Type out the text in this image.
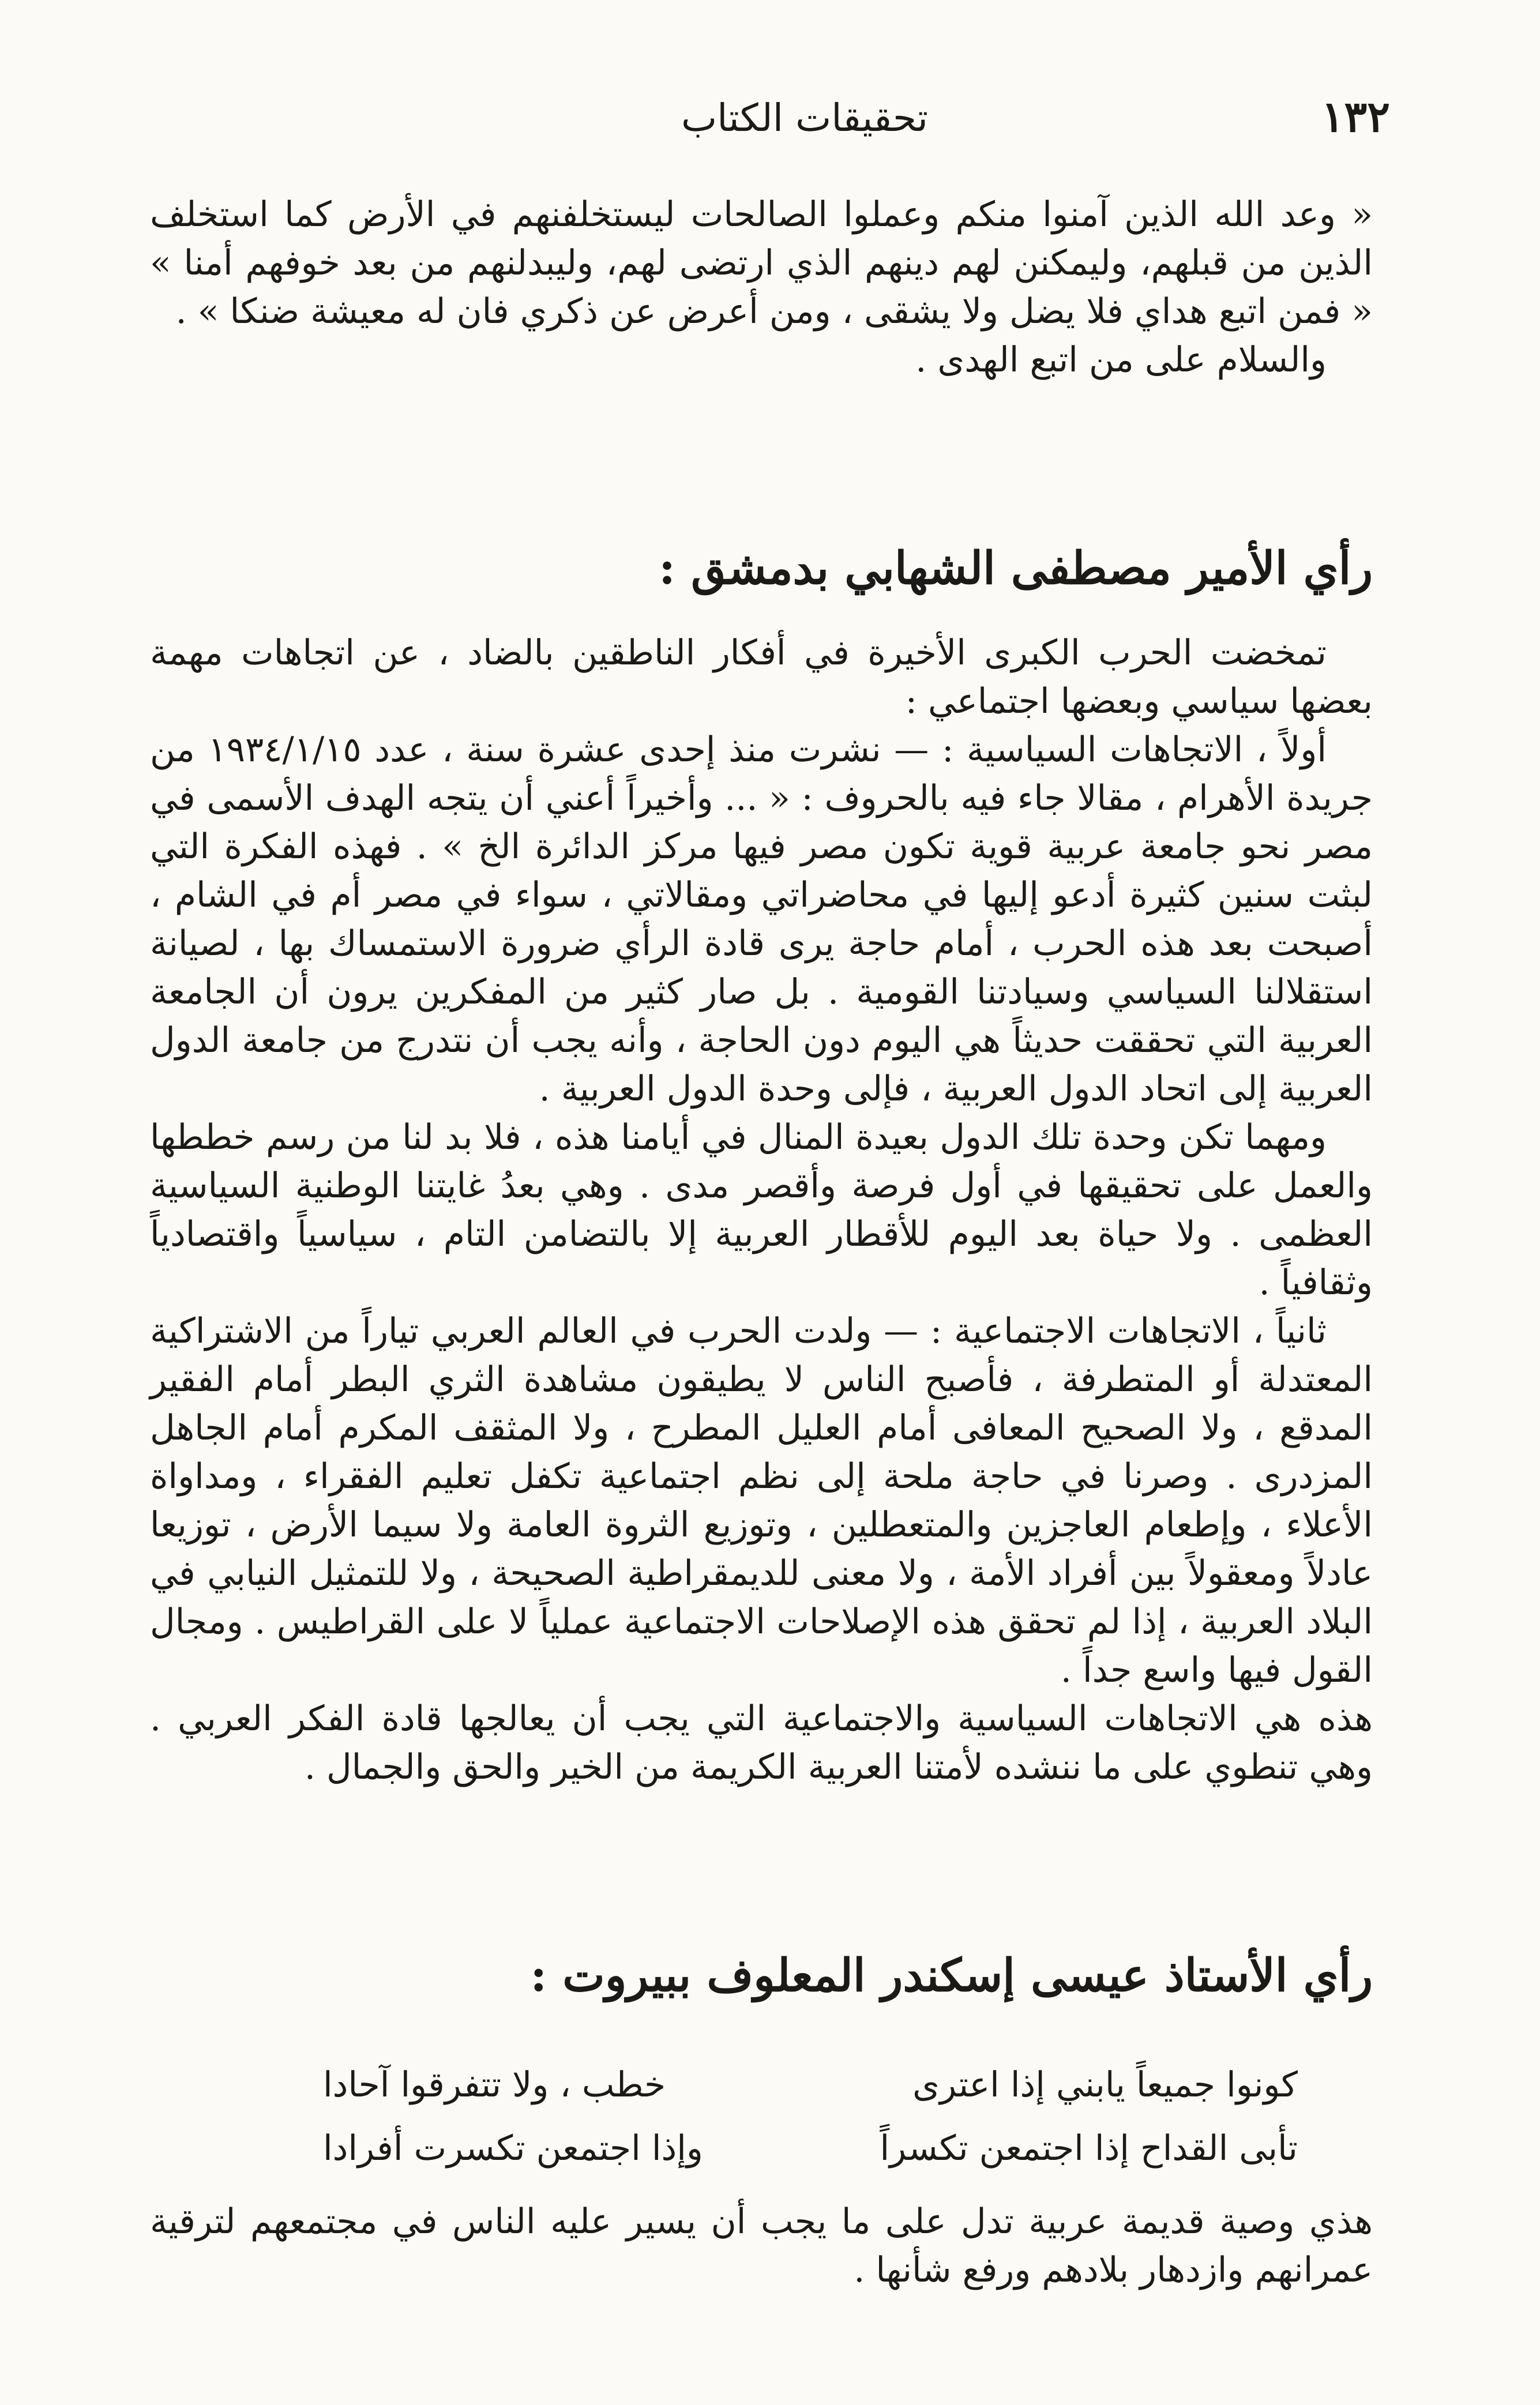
١٣٢
تحقيقات الكتاب

« وعد الله الذين آمنوا منكم وعملوا الصالحات ليستخلفنهم في الأرض كما استخلف الذين من قبلهم، وليمكنن لهم دينهم الذي ارتضى لهم، وليبدلنهم من بعد خوفهم أمنا » « فمن اتبع هداي فلا يضل ولا يشقى ، ومن أعرض عن ذكري فان له معيشة ضنكا » .

والسلام على من اتبع الهدى .

رأي الأمير مصطفى الشهابي بدمشق :

تمخضت الحرب الكبرى الأخيرة في أفكار الناطقين بالضاد ، عن اتجاهات مهمة بعضها سياسي وبعضها اجتماعي :

أولاً ، الاتجاهات السياسية : — نشرت منذ إحدى عشرة سنة ، عدد ١٩٣٤/١/١٥ من جريدة الأهرام ، مقالا جاء فيه بالحروف : « ... وأخيراً أعني أن يتجه الهدف الأسمى في مصر نحو جامعة عربية قوية تكون مصر فيها مركز الدائرة الخ » . فهذه الفكرة التي لبثت سنين كثيرة أدعو إليها في محاضراتي ومقالاتي ، سواء في مصر أم في الشام ، أصبحت بعد هذه الحرب ، أمام حاجة يرى قادة الرأي ضرورة الاستمساك بها ، لصيانة استقلالنا السياسي وسيادتنا القومية . بل صار كثير من المفكرين يرون أن الجامعة العربية التي تحققت حديثاً هي اليوم دون الحاجة ، وأنه يجب أن نتدرج من جامعة الدول العربية إلى اتحاد الدول العربية ، فإلى وحدة الدول العربية .

ومهما تكن وحدة تلك الدول بعيدة المنال في أيامنا هذه ، فلا بد لنا من رسم خططها والعمل على تحقيقها في أول فرصة وأقصر مدى . وهي بعدُ غايتنا الوطنية السياسية العظمى . ولا حياة بعد اليوم للأقطار العربية إلا بالتضامن التام ، سياسياً واقتصادياً وثقافياً .

ثانياً ، الاتجاهات الاجتماعية : — ولدت الحرب في العالم العربي تياراً من الاشتراكية المعتدلة أو المتطرفة ، فأصبح الناس لا يطيقون مشاهدة الثري البطر أمام الفقير المدقع ، ولا الصحيح المعافى أمام العليل المطرح ، ولا المثقف المكرم أمام الجاهل المزدرى . وصرنا في حاجة ملحة إلى نظم اجتماعية تكفل تعليم الفقراء ، ومداواة الأعلاء ، وإطعام العاجزين والمتعطلين ، وتوزيع الثروة العامة ولا سيما الأرض ، توزيعا عادلاً ومعقولاً بين أفراد الأمة ، ولا معنى للديمقراطية الصحيحة ، ولا للتمثيل النيابي في البلاد العربية ، إذا لم تحقق هذه الإصلاحات الاجتماعية عملياً لا على القراطيس . ومجال القول فيها واسع جداً .

هذه هي الاتجاهات السياسية والاجتماعية التي يجب أن يعالجها قادة الفكر العربي . وهي تنطوي على ما ننشده لأمتنا العربية الكريمة من الخير والحق والجمال .

رأي الأستاذ عيسى إسكندر المعلوف ببيروت :
كونوا جميعاً يابني إذا اعترى
خطب ، ولا تتفرقوا آحادا
تأبى القداح إذا اجتمعن تكسراً
وإذا اجتمعن تكسرت أفرادا

هذي وصية قديمة عربية تدل على ما يجب أن يسير عليه الناس في مجتمعهم لترقية عمرانهم وازدهار بلادهم ورفع شأنها .
